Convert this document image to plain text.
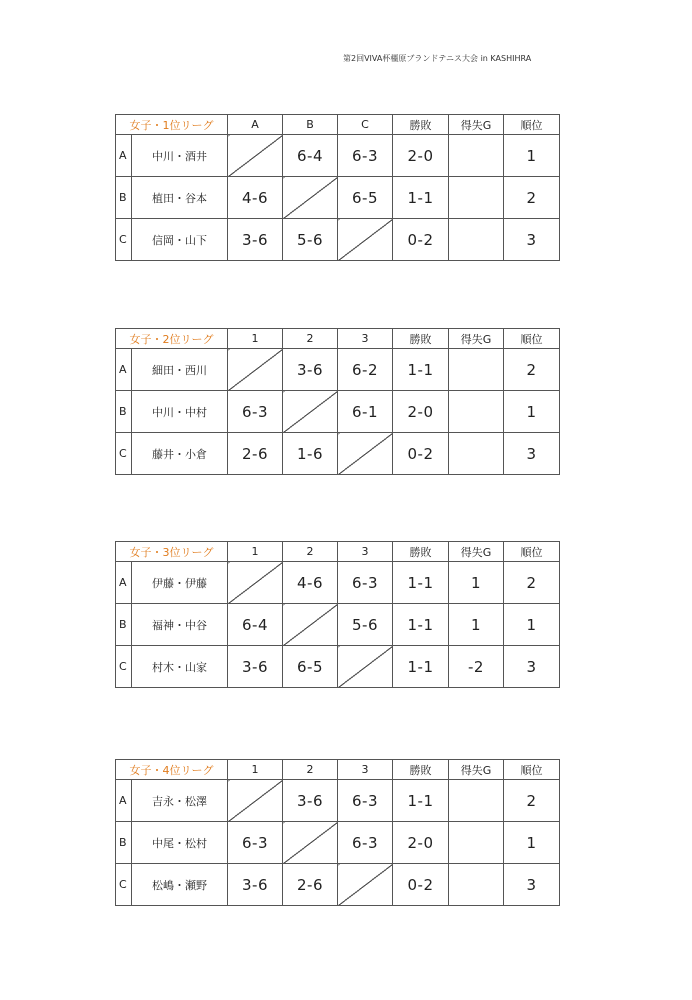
第2回VIVA杯橿原ブランドテニス大会 in KASHIHRA
女子・1位リーグ		A	B	C	勝敗	得失G	順位
A	中川・酒井		6-4	6-3	2-0		1
B	植田・谷本	4-6		6-5	1-1		2
C	信岡・山下	3-6	5-6		0-2		3
女子・2位リーグ		1	2	3	勝敗	得失G	順位
A	細田・西川		3-6	6-2	1-1		2
B	中川・中村	6-3		6-1	2-0		1
C	藤井・小倉	2-6	1-6		0-2		3
女子・3位リーグ		1	2	3	勝敗	得失G	順位
A	伊藤・伊藤		4-6	6-3	1-1	1	2
B	福神・中谷	6-4		5-6	1-1	1	1
C	村木・山家	3-6	6-5		1-1	-2	3
女子・4位リーグ		1	2	3	勝敗	得失G	順位
A	吉永・松澤		3-6	6-3	1-1		2
B	中尾・松村	6-3		6-3	2-0		1
C	松嶋・瀬野	3-6	2-6		0-2		3
